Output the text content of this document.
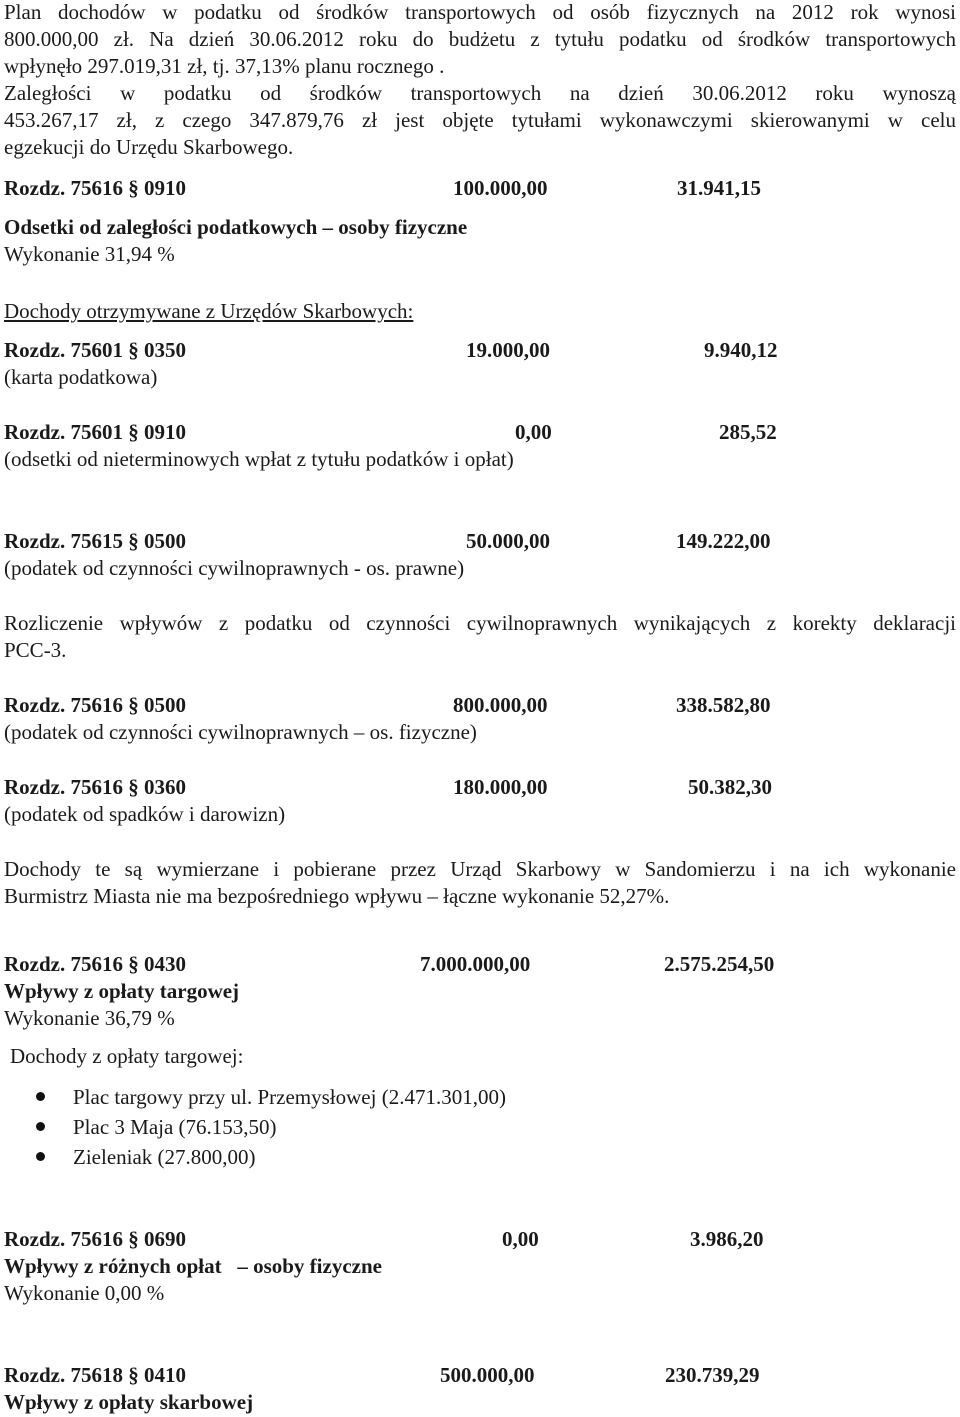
Plan dochodów w podatku od środków transportowych od osób fizycznych na 2012 rok wynosi
800.000,00 zł. Na dzień 30.06.2012 roku do budżetu z tytułu podatku od środków transportowych
wpłynęło 297.019,31 zł, tj. 37,13% planu rocznego .
Zaległości w podatku od środków transportowych na dzień 30.06.2012 roku wynoszą
453.267,17 zł, z czego 347.879,76 zł jest objęte tytułami wykonawczymi skierowanymi w celu
egzekucji do Urzędu Skarbowego.
Rozdz. 75616 § 0910	100.000,00	31.941,15
Odsetki od zaległości podatkowych – osoby fizyczne
Wykonanie 31,94 %
Dochody otrzymywane z Urzędów Skarbowych:
Rozdz. 75601 § 0350	19.000,00	9.940,12
(karta podatkowa)
Rozdz. 75601 § 0910	0,00	285,52
(odsetki od nieterminowych wpłat z tytułu podatków i opłat)
Rozdz. 75615 § 0500	50.000,00	149.222,00
(podatek od czynności cywilnoprawnych - os. prawne)
Rozliczenie wpływów z podatku od czynności cywilnoprawnych wynikających z korekty deklaracji
PCC-3.
Rozdz. 75616 § 0500	800.000,00	338.582,80
(podatek od czynności cywilnoprawnych – os. fizyczne)
Rozdz. 75616 § 0360	180.000,00	50.382,30
(podatek od spadków i darowizn)
Dochody te są wymierzane i pobierane przez Urząd Skarbowy w Sandomierzu i na ich wykonanie
Burmistrz Miasta nie ma bezpośredniego wpływu – łączne wykonanie 52,27%.
Rozdz. 75616 § 0430	7.000.000,00	2.575.254,50
Wpływy z opłaty targowej
Wykonanie 36,79 %
Dochody z opłaty targowej:
Plac targowy przy ul. Przemysłowej (2.471.301,00)
Plac 3 Maja (76.153,50)
Zieleniak (27.800,00)
Rozdz. 75616 § 0690	0,00	3.986,20
Wpływy z różnych opłat   – osoby fizyczne
Wykonanie 0,00 %
Rozdz. 75618 § 0410	500.000,00	230.739,29
Wpływy z opłaty skarbowej
